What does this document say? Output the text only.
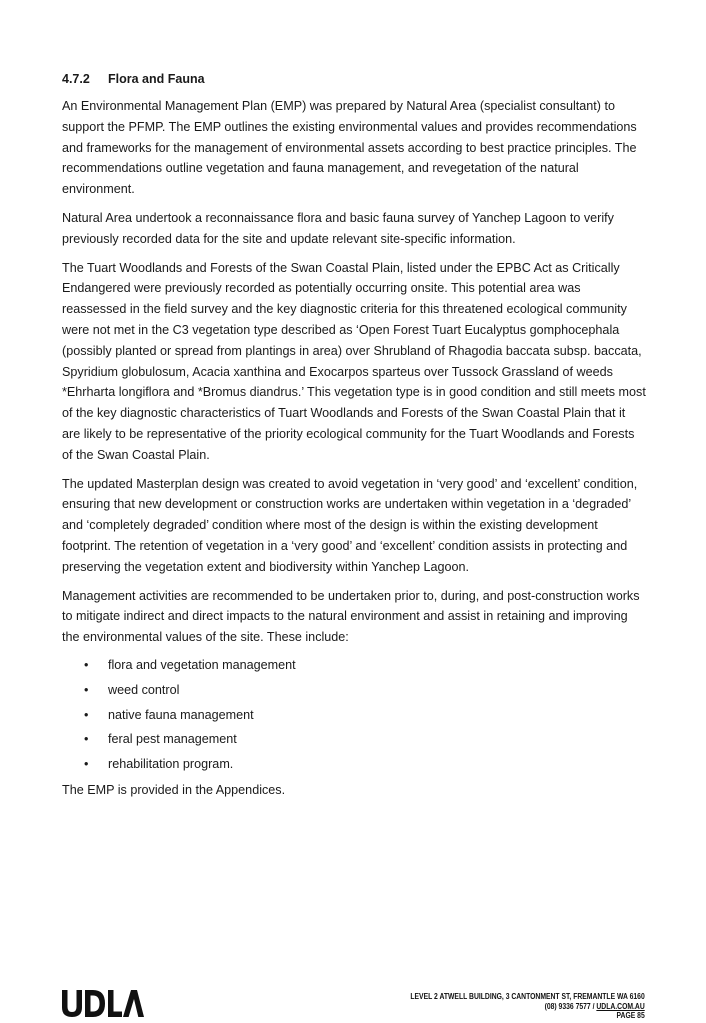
4.7.2 Flora and Fauna

An Environmental Management Plan (EMP) was prepared by Natural Area (specialist consultant) to support the PFMP. The EMP outlines the existing environmental values and provides recommendations and frameworks for the management of environmental assets according to best practice principles. The recommendations outline vegetation and fauna management, and revegetation of the natural environment.

Natural Area undertook a reconnaissance flora and basic fauna survey of Yanchep Lagoon to verify previously recorded data for the site and update relevant site-specific information.

The Tuart Woodlands and Forests of the Swan Coastal Plain, listed under the EPBC Act as Critically Endangered were previously recorded as potentially occurring onsite. This potential area was reassessed in the field survey and the key diagnostic criteria for this threatened ecological community were not met in the C3 vegetation type described as ‘Open Forest Tuart Eucalyptus gomphocephala (possibly planted or spread from plantings in area) over Shrubland of Rhagodia baccata subsp. baccata, Spyridium globulosum, Acacia xanthina and Exocarpos sparteus over Tussock Grassland of weeds *Ehrharta longiflora and *Bromus diandrus.’ This vegetation type is in good condition and still meets most of the key diagnostic characteristics of Tuart Woodlands and Forests of the Swan Coastal Plain that it are likely to be representative of the priority ecological community for the Tuart Woodlands and Forests of the Swan Coastal Plain.

The updated Masterplan design was created to avoid vegetation in ‘very good’ and ‘excellent’ condition, ensuring that new development or construction works are undertaken within vegetation in a ‘degraded’ and ‘completely degraded’ condition where most of the design is within the existing development footprint. The retention of vegetation in a ‘very good’ and ‘excellent’ condition assists in protecting and preserving the vegetation extent and biodiversity within Yanchep Lagoon.

Management activities are recommended to be undertaken prior to, during, and post-construction works to mitigate indirect and direct impacts to the natural environment and assist in retaining and improving the environmental values of the site. These include:

• flora and vegetation management
• weed control
• native fauna management
• feral pest management
• rehabilitation program.

The EMP is provided in the Appendices.

LEVEL 2 ATWELL BUILDING, 3 CANTONMENT ST, FREMANTLE WA 6160
(08) 9336 7577 / UDLA.COM.AU
PAGE 85
